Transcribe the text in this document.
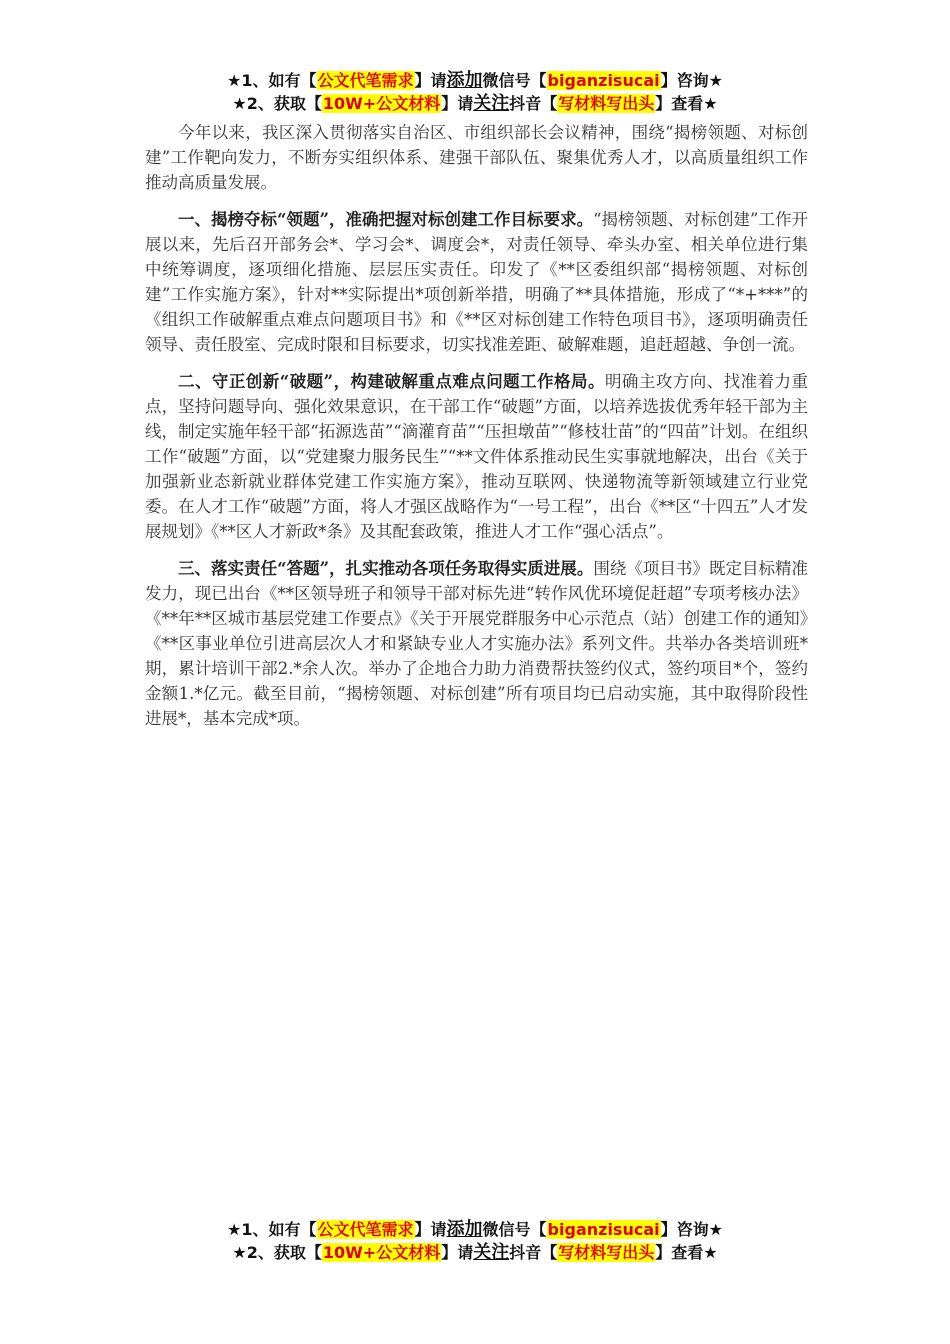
★1、如有【公文代笔需求】请添加微信号【biganzisucai】咨询★
★2、获取【10W+公文材料】请关注抖音【写材料写出头】查看★

今年以来，我区深入贯彻落实自治区、市组织部长会议精神，围绕“揭榜领题、对标创建”工作靶向发力，不断夯实组织体系、建强干部队伍、聚集优秀人才，以高质量组织工作推动高质量发展。

一、揭榜夺标“领题”，准确把握对标创建工作目标要求。“揭榜领题、对标创建”工作开展以来，先后召开部务会*、学习会*、调度会*，对责任领导、牵头办室、相关单位进行集中统筹调度，逐项细化措施、层层压实责任。印发了《**区委组织部“揭榜领题、对标创建”工作实施方案》，针对**实际提出*项创新举措，明确了**具体措施，形成了“*+***”的《组织工作破解重点难点问题项目书》和《**区对标创建工作特色项目书》，逐项明确责任领导、责任股室、完成时限和目标要求，切实找准差距、破解难题，追赶超越、争创一流。

二、守正创新“破题”，构建破解重点难点问题工作格局。明确主攻方向、找准着力重点，坚持问题导向、强化效果意识，在干部工作“破题”方面，以培养选拔优秀年轻干部为主线，制定实施年轻干部“拓源选苗”“滴灌育苗”“压担墩苗”“修枝壮苗”的“四苗”计划。在组织工作“破题”方面，以“党建聚力服务民生”“**文件体系推动民生实事就地解决，出台《关于加强新业态新就业群体党建工作实施方案》，推动互联网、快递物流等新领域建立行业党委。在人才工作“破题”方面，将人才强区战略作为“一号工程”，出台《**区“十四五”人才发展规划》《**区人才新政*条》及其配套政策，推进人才工作“强心活点”。

三、落实责任“答题”，扎实推动各项任务取得实质进展。围绕《项目书》既定目标精准发力，现已出台《**区领导班子和领导干部对标先进“转作风优环境促赶超”专项考核办法》《**年**区城市基层党建工作要点》《关于开展党群服务中心示范点（站）创建工作的通知》《**区事业单位引进高层次人才和紧缺专业人才实施办法》系列文件。共举办各类培训班*期，累计培训干部2.*余人次。举办了企地合力助力消费帮扶签约仪式，签约项目*个，签约金额1.*亿元。截至目前，“揭榜领题、对标创建”所有项目均已启动实施，其中取得阶段性进展*，基本完成*项。

★1、如有【公文代笔需求】请添加微信号【biganzisucai】咨询★
★2、获取【10W+公文材料】请关注抖音【写材料写出头】查看★
